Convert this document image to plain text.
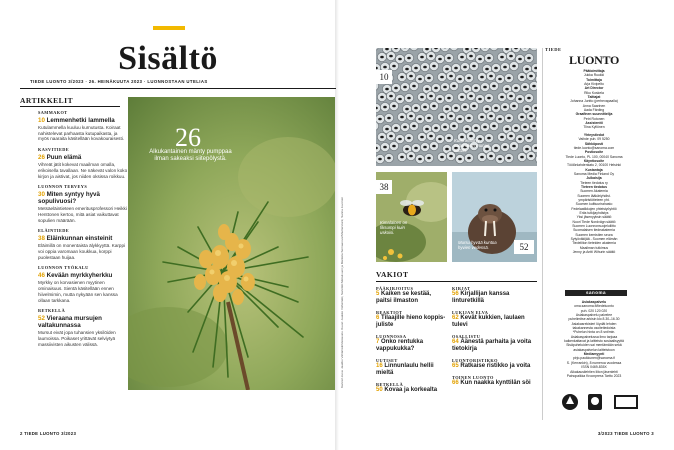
Sisältö
TIEDE LUONTO 3/2023 · 26. HEINÄKUUTA 2023 · LUONNOSTAAN UTELIAS
ARTIKKELIT
SAMMAKOT
10 Lemmenhetki lammella
Kutulammella kuuluu kurnutusta. Koiraat nahistelevat parhaasta kutupaikasta, ja myös naaraita käsitellään kovakouraisesti.
KASVITIEDE
26 Puun elämä
Vihreät jätit kokevat maailman omalla, erikoisella tavallaan. Ne näkevät valon koko kirjon ja aistivat, jos niiden oksissa roikkuu.
LUONNON TERVEYS
30 Miten syntyy hyvä sopulivuosi?
Metsäeläintieteen emeritusprofessori Heikki Henttonen kertoo, mitä asiat vaikuttavat sopulien määrään.
ELÄINTIEDE
38 Eläinkunnan einsteinit
Eläimillä on monentaista älykkyyttä. Karppi voi oppia varomaan koukkua, korppi puolestaan huijaa.
LUONNON TYÖKALU
46 Kevään myrkkyherkku
Myrkky on korvasienen myytinen ominaisuus. Sientä käsitellään ennen hiivelmimin, mutta nykyään sen kanssa ollaan tarkkana.
RETKELLÄ
52 Vieraana mursujen valtakunnassa
Mursut eivät jopa tuhansien yksilöiden laumoissa. Poikaset yrittävät selviytyä massiivisten aikusten välissä.
26
Alkukantainen mänty pumppaa ilman sakeaksi siitepölystä.
2 TIEDE LUONTO 3/2023
Kannen kuva: Jaakko Vähämäki/Vastavalo. Kuvat: Jaakko Vähämäki, Sannikki Metsävuori ja Marketa Sernaarova/Shutterstock, Sanna Juvonen
10
Kudu kehittyy sammakon munan sisällä.
38
Kimalainen on fiksumpi kuin uskoisi.
52
Mursu hyvää kuntoa hyvien vedessä.
VAKIOT
PÄÄKIRJOITUS
5 Kaiken se kestää, paitsi ilmaston
REAKTIOT
6 Tilaajille hieno koppis-juliste
LUONNOSSA
7 Onko rentukka vappukukka?
UUTISET
16 Linnunlaulu hellii mieltä
RETKELLÄ
50 Kovaa ja korkealta
KIRJAT
56 Kirjallijan kanssa linturetkillä
LUKIJAN ELVA
62 Kevät kukkien, laulaen tulevi
OSALLISTU
64 Äänestä parhaita ja voita tietokirja
LUONTORISTIKKO
65 Ratkaise ristikko ja voita
TOINEN LUONTO
66 Kun naakka kynttilän söi
TIEDE
LUONTO
Päätoimittaja
Jukka Ruukki
Toimittaja
Arja Kivipelto
Art Director
Riku Koskela
Taittajat
Johanna Juntto (perhevapaalla)
Anna Saarinen
Aada Färding
Graafinen suunnittelija
Petri Rotonen
Assistentti
Tiina Kyllönen
Yhteystiedot
Vaihde puh. 09 5250
Sähköposti
tiede.luonto@sanoma.com
Postiosoite
Tiede Luonto, PL 100, 00040 Sanoma
Käyntiosoite
Töölönlahdenkatu 2, 00100 Helsinki
Kustantaja
Sanoma Media Finland Oy
Julkaisija
Tieteen tiedotus ry
Tieteen tiedotus
Suomen Akatemia
Suomen lääkäriyhdist.
ympäristötieteen yht.
Suomen kulttuurirahasto
Fedelaatikkojen yhteistyöyhtiö
Eräs tutkijayhdistys
Yksi jäsenyyksin säätiö
Nuori Tiede Nordvägn säätiö
Suomen Luonnonsuojeluliitto
Suomalaisen tiedeakatemia
Suomen kemistien seura
Sytyöväkijää - Suomen elämän
Tiedeliiton tieteiden akatemia
Maailman tutkimus
Jenny ja Antti Wihurin säätiö
sanoma
Asiakaspalvelu
oma.sanoma.fi/tiedeluonto
puh. 020 120 020
Asiakaspalvelu palvelee
puhelimitse arkisin klo 8.30–16.30
Asiakasrekisteri löydät lehden
takakannesta osoitetiedoista
*Puhelun hinta on 8 snt/min.
Asiakaspalvelussa ilmo tarjoaa
kaikenkattavat ja laitteisto sosiaalisyyttä
Sisäpuheluiden sai mentämään sekä
asiakaspalvelun laitteistoon
Mediamyynti
pirjo.paukkunen@sanoma.fi
S. (Kerrankin), 8 numeroa vuodessa
ISSN 0469-835X
Aikakausilehtien liiton jäsenlehti
Painopaikka Kroonpress Tartto 2023
3/2023 TIEDE LUONTO 3
